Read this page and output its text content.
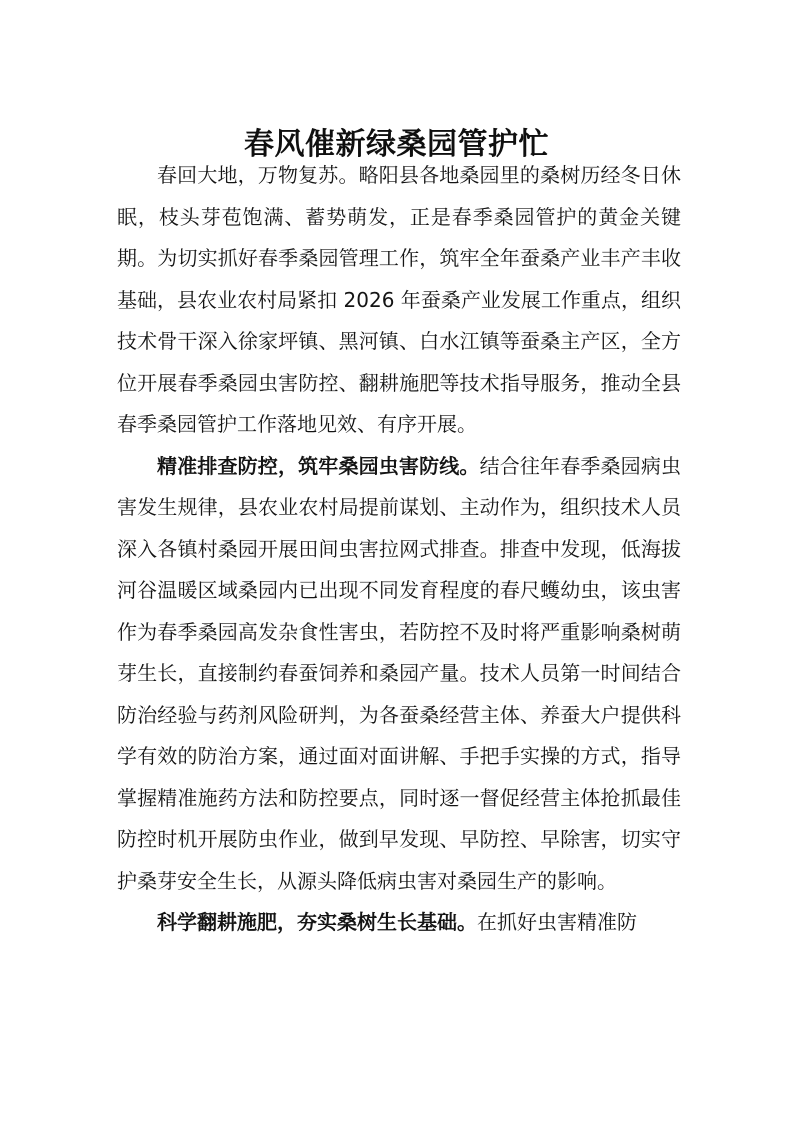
春风催新绿桑园管护忙

春回大地，万物复苏。略阳县各地桑园里的桑树历经冬日休眠，枝头芽苞饱满、蓄势萌发，正是春季桑园管护的黄金关键期。为切实抓好春季桑园管理工作，筑牢全年蚕桑产业丰产丰收基础，县农业农村局紧扣 2026 年蚕桑产业发展工作重点，组织技术骨干深入徐家坪镇、黑河镇、白水江镇等蚕桑主产区，全方位开展春季桑园虫害防控、翻耕施肥等技术指导服务，推动全县春季桑园管护工作落地见效、有序开展。

精准排查防控，筑牢桑园虫害防线。结合往年春季桑园病虫害发生规律，县农业农村局提前谋划、主动作为，组织技术人员深入各镇村桑园开展田间虫害拉网式排查。排查中发现，低海拔河谷温暖区域桑园内已出现不同发育程度的春尺蠖幼虫，该虫害作为春季桑园高发杂食性害虫，若防控不及时将严重影响桑树萌芽生长，直接制约春蚕饲养和桑园产量。技术人员第一时间结合防治经验与药剂风险研判，为各蚕桑经营主体、养蚕大户提供科学有效的防治方案，通过面对面讲解、手把手实操的方式，指导掌握精准施药方法和防控要点，同时逐一督促经营主体抢抓最佳防控时机开展防虫作业，做到早发现、早防控、早除害，切实守护桑芽安全生长，从源头降低病虫害对桑园生产的影响。

科学翻耕施肥，夯实桑树生长基础。在抓好虫害精准防
